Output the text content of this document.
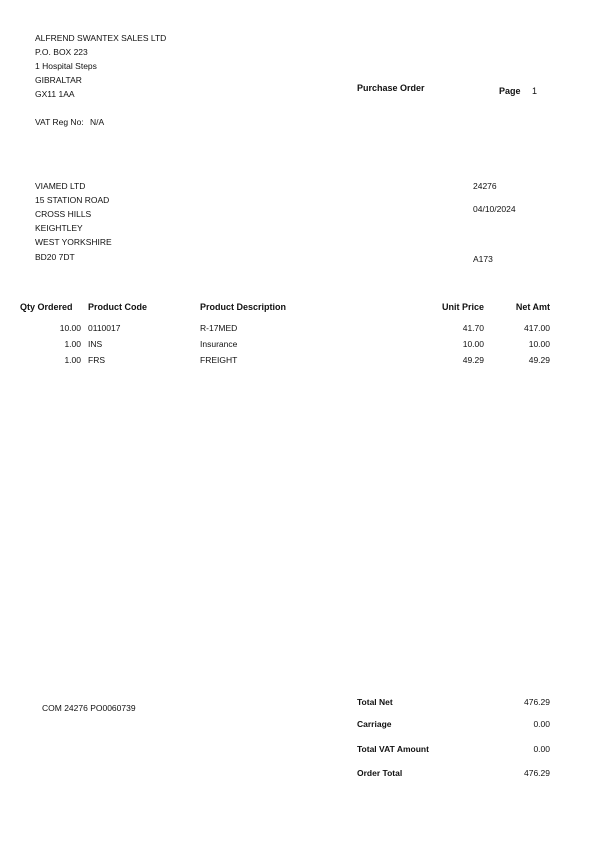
ALFREND SWANTEX SALES LTD
P.O. BOX 223
1 Hospital Steps
GIBRALTAR
GX11 1AA
VAT Reg No: N/A
Purchase Order	Page 1
VIAMED LTD
15 STATION ROAD
CROSS HILLS
KEIGHTLEY
WEST YORKSHIRE
BD20 7DT
24276
04/10/2024
A173
Qty Ordered Product Code	Product Description	Unit Price	Net Amt
10.00 0110017	R-17MED	41.70	417.00
1.00 INS	Insurance	10.00	10.00
1.00 FRS	FREIGHT	49.29	49.29
COM 24276 PO0060739
Total Net	476.29
Carriage	0.00
Total VAT Amount	0.00
Order Total	476.29
